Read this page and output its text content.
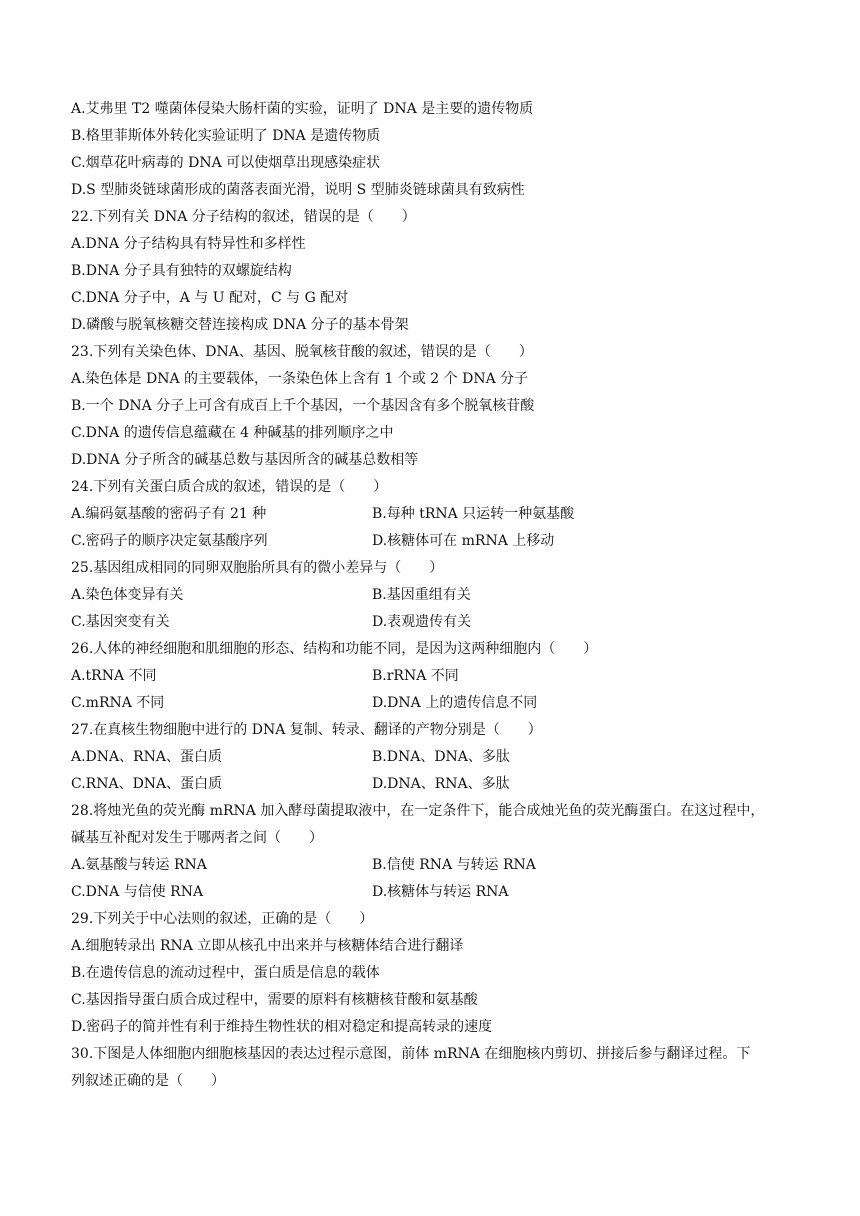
A.艾弗里 T2 噬菌体侵染大肠杆菌的实验，证明了 DNA 是主要的遗传物质
B.格里菲斯体外转化实验证明了 DNA 是遗传物质
C.烟草花叶病毒的 DNA 可以使烟草出现感染症状
D.S 型肺炎链球菌形成的菌落表面光滑，说明 S 型肺炎链球菌具有致病性
22.下列有关 DNA 分子结构的叙述，错误的是（　　）
A.DNA 分子结构具有特异性和多样性
B.DNA 分子具有独特的双螺旋结构
C.DNA 分子中，A 与 U 配对，C 与 G 配对
D.磷酸与脱氧核糖交替连接构成 DNA 分子的基本骨架
23.下列有关染色体、DNA、基因、脱氧核苷酸的叙述，错误的是（　　）
A.染色体是 DNA 的主要载体，一条染色体上含有 1 个或 2 个 DNA 分子
B.一个 DNA 分子上可含有成百上千个基因，一个基因含有多个脱氧核苷酸
C.DNA 的遗传信息蕴藏在 4 种碱基的排列顺序之中
D.DNA 分子所含的碱基总数与基因所含的碱基总数相等
24.下列有关蛋白质合成的叙述，错误的是（　　）
A.编码氨基酸的密码子有 21 种	B.每种 tRNA 只运转一种氨基酸
C.密码子的顺序决定氨基酸序列	D.核糖体可在 mRNA 上移动
25.基因组成相同的同卵双胞胎所具有的微小差异与（　　）
A.染色体变异有关	B.基因重组有关
C.基因突变有关	D.表观遗传有关
26.人体的神经细胞和肌细胞的形态、结构和功能不同，是因为这两种细胞内（　　）
A.tRNA 不同	B.rRNA 不同
C.mRNA 不同	D.DNA 上的遗传信息不同
27.在真核生物细胞中进行的 DNA 复制、转录、翻译的产物分别是（　　）
A.DNA、RNA、蛋白质	B.DNA、DNA、多肽
C.RNA、DNA、蛋白质	D.DNA、RNA、多肽
28.将烛光鱼的荧光酶 mRNA 加入酵母菌提取液中，在一定条件下，能合成烛光鱼的荧光酶蛋白。在这过程中，
碱基互补配对发生于哪两者之间（　　）
A.氨基酸与转运 RNA	B.信使 RNA 与转运 RNA
C.DNA 与信使 RNA	D.核糖体与转运 RNA
29.下列关于中心法则的叙述，正确的是（　　）
A.细胞转录出 RNA 立即从核孔中出来并与核糖体结合进行翻译
B.在遗传信息的流动过程中，蛋白质是信息的载体
C.基因指导蛋白质合成过程中，需要的原料有核糖核苷酸和氨基酸
D.密码子的简并性有利于维持生物性状的相对稳定和提高转录的速度
30.下图是人体细胞内细胞核基因的表达过程示意图，前体 mRNA 在细胞核内剪切、拼接后参与翻译过程。下
列叙述正确的是（　　）
